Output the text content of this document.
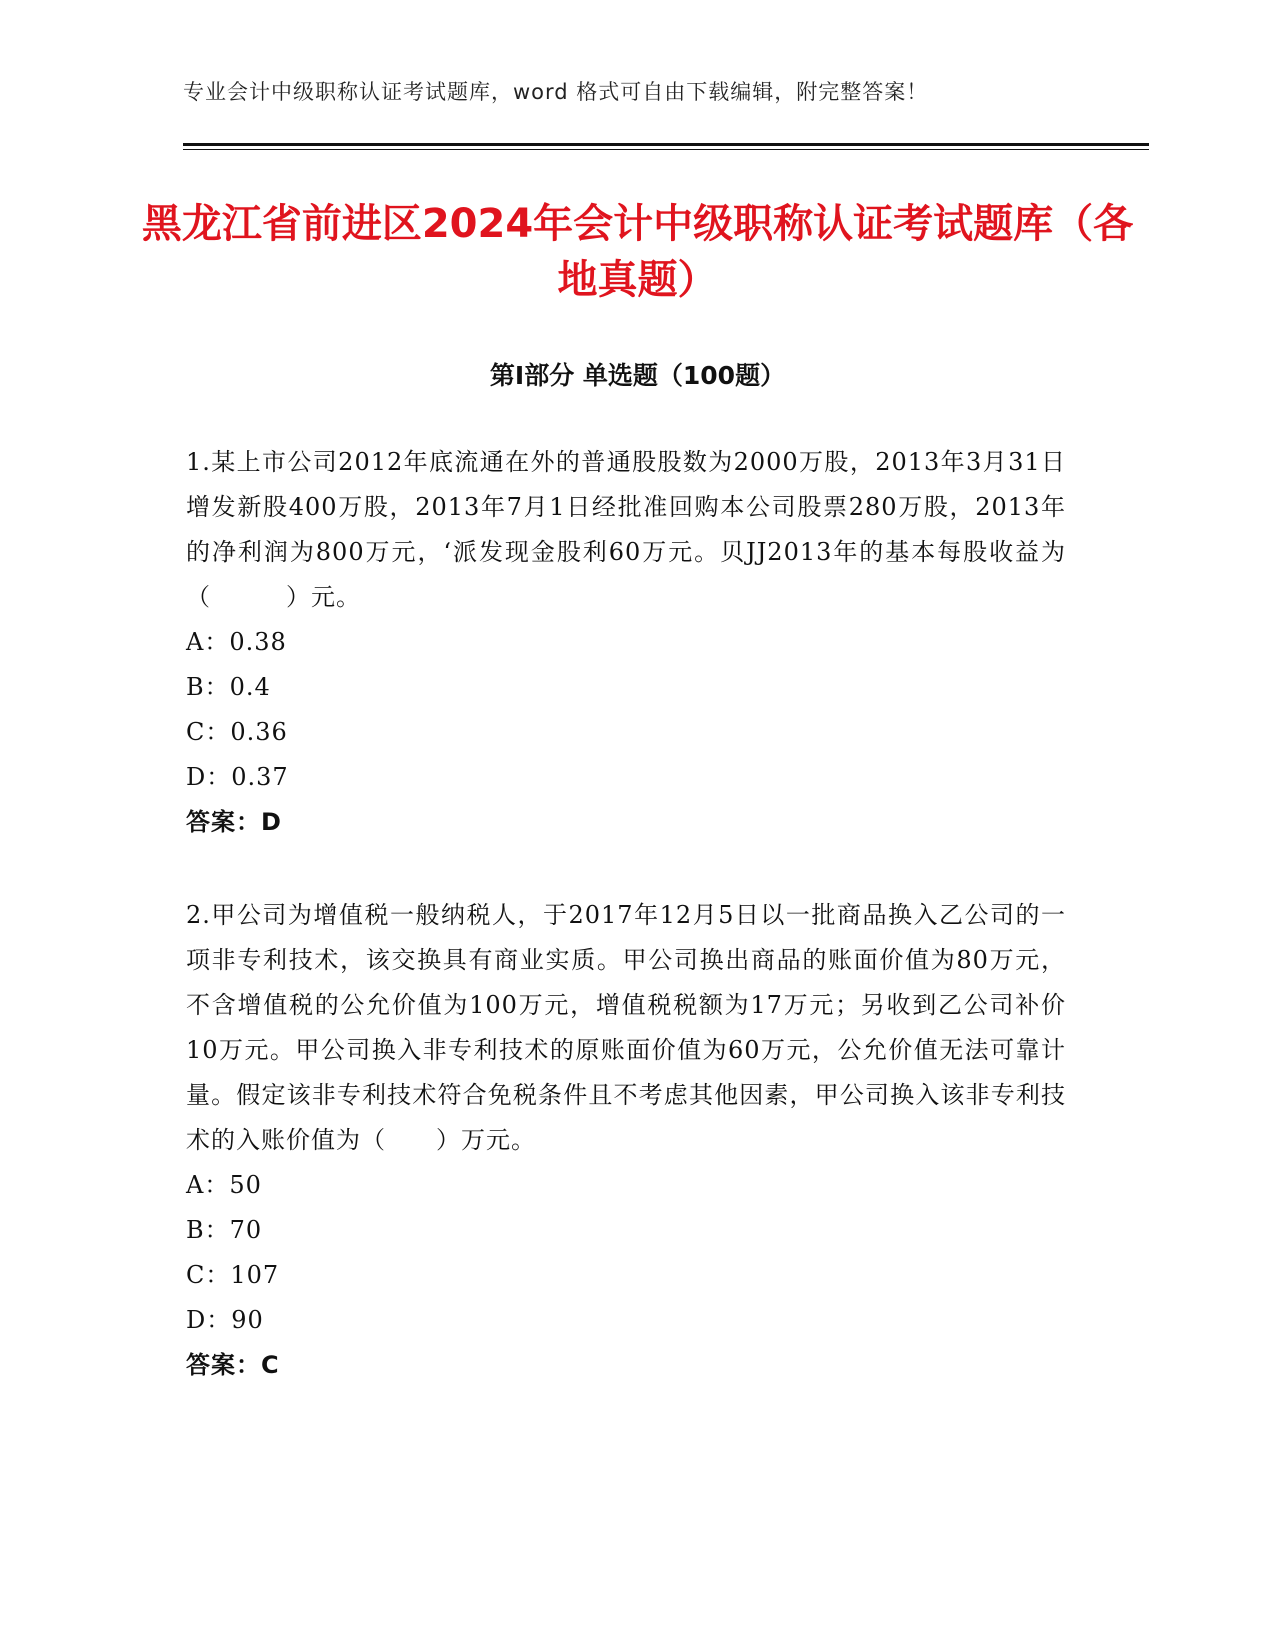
专业会计中级职称认证考试题库，word 格式可自由下载编辑，附完整答案！
黑龙江省前进区2024年会计中级职称认证考试题库（各地真题）
第Ⅰ部分 单选题（100题）

1.某上市公司2012年底流通在外的普通股股数为2000万股，2013年3月31日增发新股400万股，2013年7月1日经批准回购本公司股票280万股，2013年的净利润为800万元，‘派发现金股利60万元。贝JJ2013年的基本每股收益为（　　　）元。

A：0.38

B：0.4

C：0.36

D：0.37

答案：D

2.甲公司为增值税一般纳税人，于2017年12月5日以一批商品换入乙公司的一项非专利技术，该交换具有商业实质。甲公司换出商品的账面价值为80万元，不含增值税的公允价值为100万元，增值税税额为17万元；另收到乙公司补价10万元。甲公司换入非专利技术的原账面价值为60万元，公允价值无法可靠计量。假定该非专利技术符合免税条件且不考虑其他因素，甲公司换入该非专利技术的入账价值为（　　）万元。

A：50

B：70

C：107

D：90

答案：C
